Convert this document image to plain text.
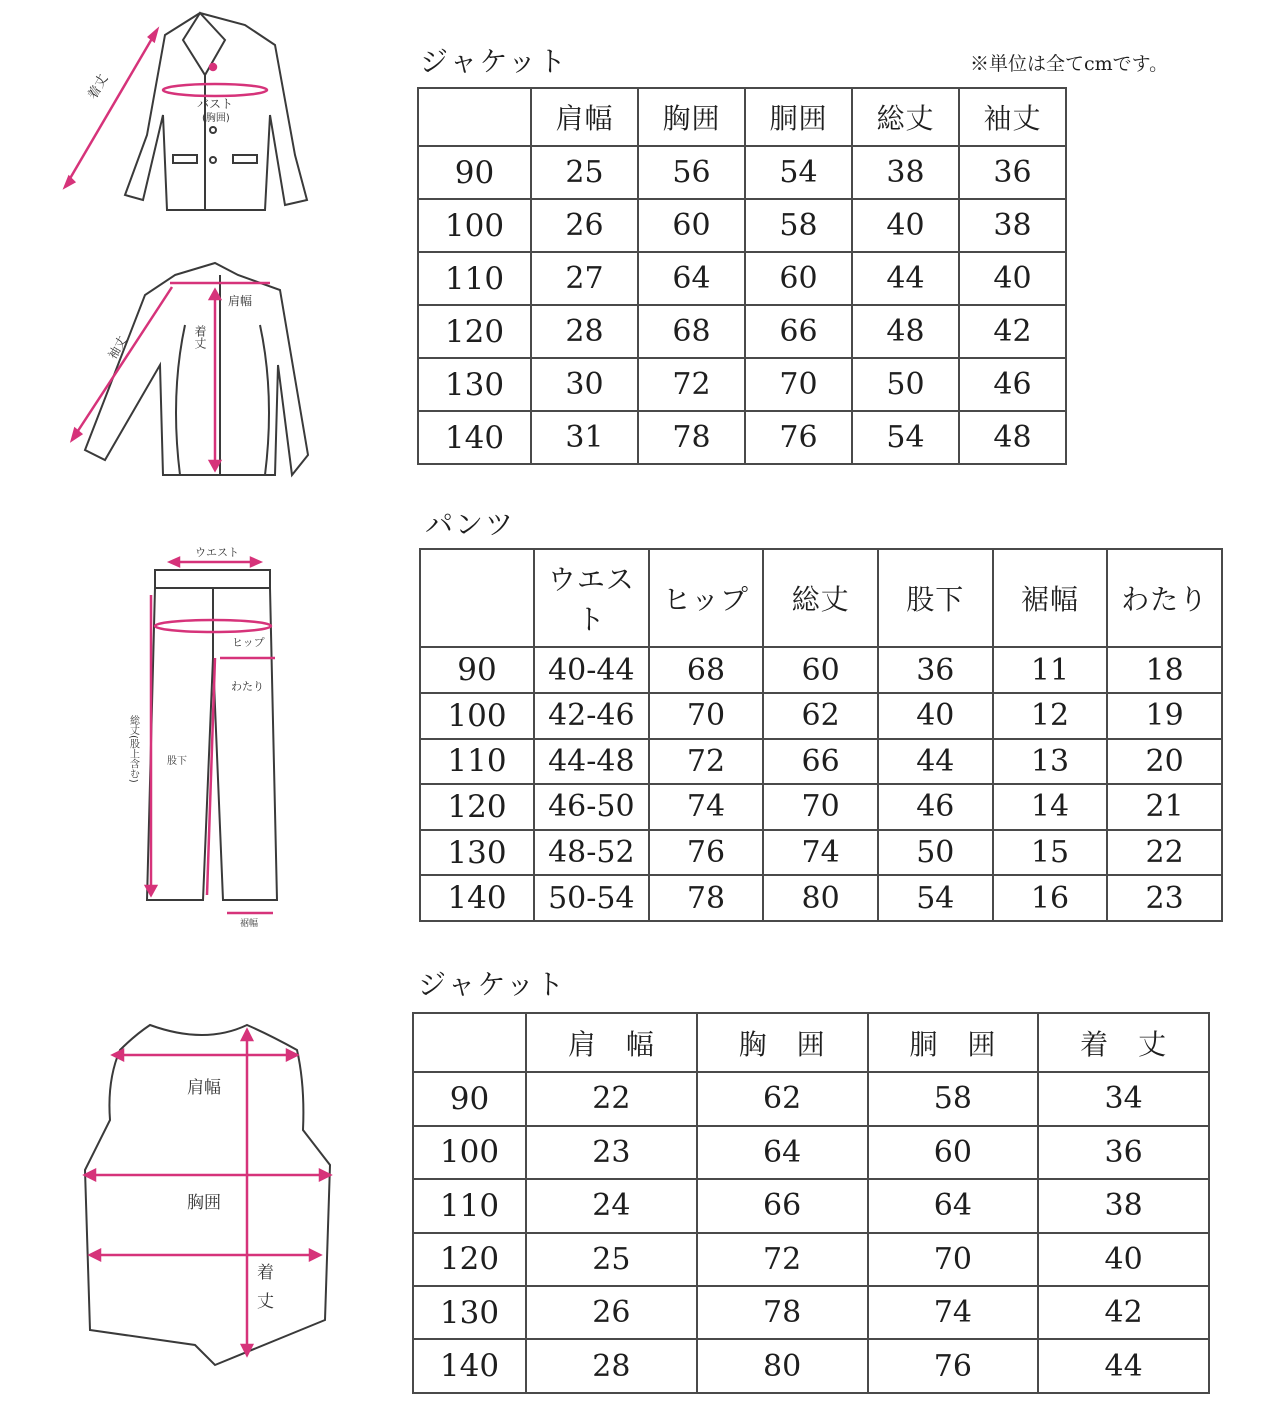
着丈
バスト
(胸囲)
肩幅
着丈
袖丈
ウエスト
ヒップ
わたり
総丈(股上含む)	股下
裾幅
肩幅
胸囲
着
丈
ジャケット	※単位は全てcmです。
パンツ
ジャケット
	肩幅	胸囲	胴囲	総丈	袖丈
90	25	56	54	38	36
100	26	60	58	40	38
110	27	64	60	44	40
120	28	68	66	48	42
130	30	72	70	50	46
140	31	78	76	54	48
	ウエスト	ヒップ	総丈	股下	裾幅	わたり
90	40-44	68	60	36	11	18
100	42-46	70	62	40	12	19
110	44-48	72	66	44	13	20
120	46-50	74	70	46	14	21
130	48-52	76	74	50	15	22
140	50-54	78	80	54	16	23
	肩　幅	胸　囲	胴　囲	着　丈
90	22	62	58	34
100	23	64	60	36
110	24	66	64	38
120	25	72	70	40
130	26	78	74	42
140	28	80	76	44
